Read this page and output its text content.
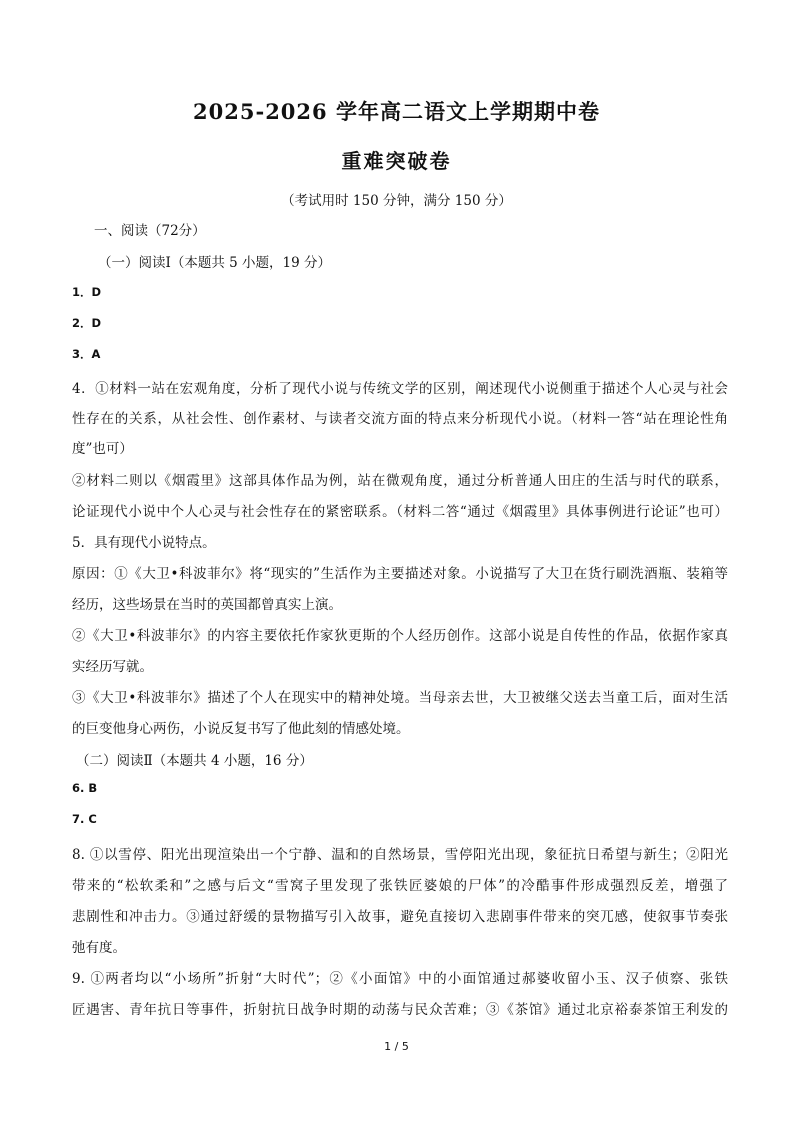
2025-2026 学年高二语文上学期期中卷
重难突破卷
（考试用时 150 分钟，满分 150 分）
一、阅读（72分）
（一）阅读Ⅰ（本题共 5 小题，19 分）
1．D
2．D
3．A
4．①材料一站在宏观角度，分析了现代小说与传统文学的区别，阐述现代小说侧重于描述个人心灵与社会
性存在的关系，从社会性、创作素材、与读者交流方面的特点来分析现代小说。（材料一答“站在理论性角
度”也可）
②材料二则以《烟霞里》这部具体作品为例，站在微观角度，通过分析普通人田庄的生活与时代的联系，
论证现代小说中个人心灵与社会性存在的紧密联系。（材料二答“通过《烟霞里》具体事例进行论证”也可）
5．具有现代小说特点。
原因：①《大卫•科波菲尔》将“现实的”生活作为主要描述对象。小说描写了大卫在货行刷洗酒瓶、装箱等
经历，这些场景在当时的英国都曾真实上演。
②《大卫•科波菲尔》的内容主要依托作家狄更斯的个人经历创作。这部小说是自传性的作品，依据作家真
实经历写就。
③《大卫•科波菲尔》描述了个人在现实中的精神处境。当母亲去世，大卫被继父送去当童工后，面对生活
的巨变他身心两伤，小说反复书写了他此刻的情感处境。
（二）阅读Ⅱ（本题共 4 小题，16 分）
6. B
7. C
8. ①以雪停、阳光出现渲染出一个宁静、温和的自然场景，雪停阳光出现，象征抗日希望与新生；②阳光
带来的“松软柔和”之感与后文“雪窝子里发现了张铁匠婆娘的尸体”的冷酷事件形成强烈反差，增强了
悲剧性和冲击力。③通过舒缓的景物描写引入故事，避免直接切入悲剧事件带来的突兀感，使叙事节奏张
弛有度。
9. ①两者均以“小场所”折射“大时代”；②《小面馆》中的小面馆通过郝婆收留小玉、汉子侦察、张铁
匠遇害、青年抗日等事件，折射抗日战争时期的动荡与民众苦难；③《茶馆》通过北京裕泰茶馆王利发的
1 / 5
